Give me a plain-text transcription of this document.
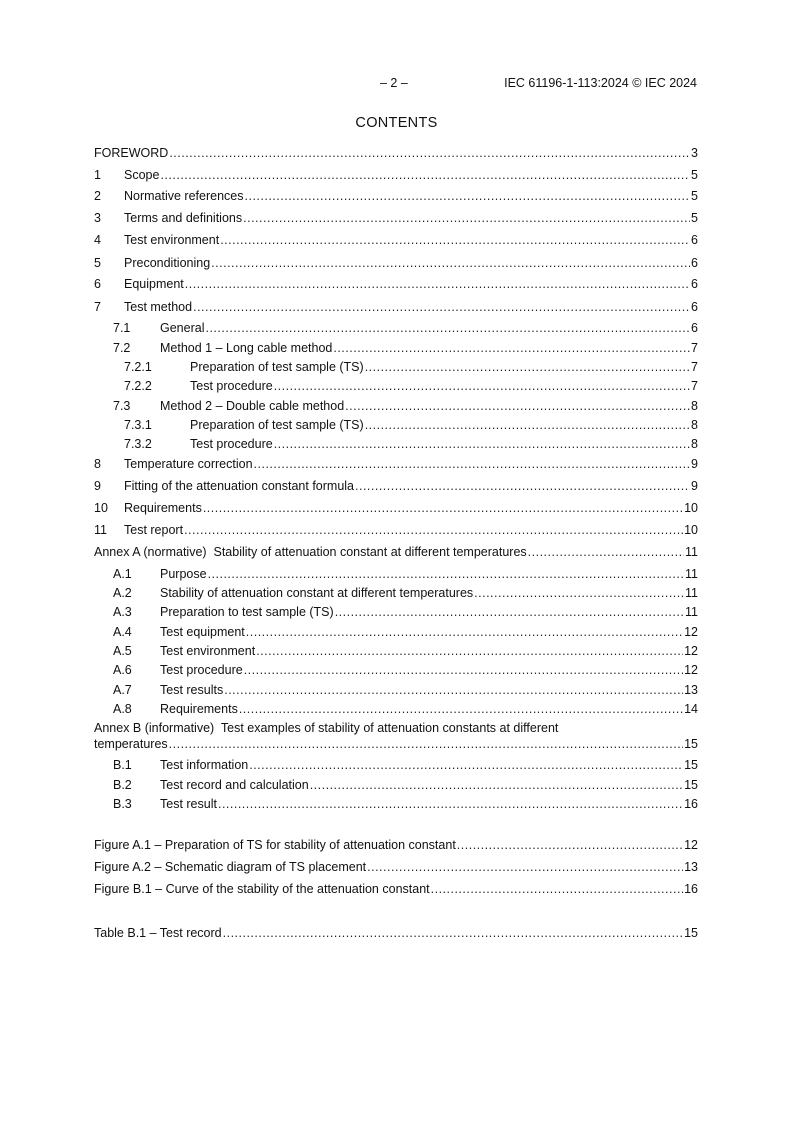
– 2 –	IEC 61196-1-113:2024 © IEC 2024
CONTENTS
FOREWORD .....	3
1	Scope .....	5
2	Normative references .....	5
3	Terms and definitions .....	5
4	Test environment .....	6
5	Preconditioning .....	6
6	Equipment .....	6
7	Test method .....	6
7.1	General .....	6
7.2	Method 1 – Long cable method .....	7
7.2.1	Preparation of test sample (TS) .....	7
7.2.2	Test procedure .....	7
7.3	Method 2 – Double cable method .....	8
7.3.1	Preparation of test sample (TS) .....	8
7.3.2	Test procedure .....	8
8	Temperature correction .....	9
9	Fitting of the attenuation constant formula .....	9
10	Requirements .....	10
11	Test report .....	10
Annex A (normative)  Stability of attenuation constant at different temperatures .....	11
A.1	Purpose .....	11
A.2	Stability of attenuation constant at different temperatures .....	11
A.3	Preparation to test sample (TS) .....	11
A.4	Test equipment .....	12
A.5	Test environment .....	12
A.6	Test procedure .....	12
A.7	Test results .....	13
A.8	Requirements .....	14
Annex B (informative)  Test examples of stability of attenuation constants at different
temperatures .....	15
B.1	Test information .....	15
B.2	Test record and calculation .....	15
B.3	Test result .....	16
Figure A.1 – Preparation of TS for stability of attenuation constant .....	12
Figure A.2 – Schematic diagram of TS placement .....	13
Figure B.1 – Curve of the stability of the attenuation constant .....	16
Table B.1 – Test record .....	15
